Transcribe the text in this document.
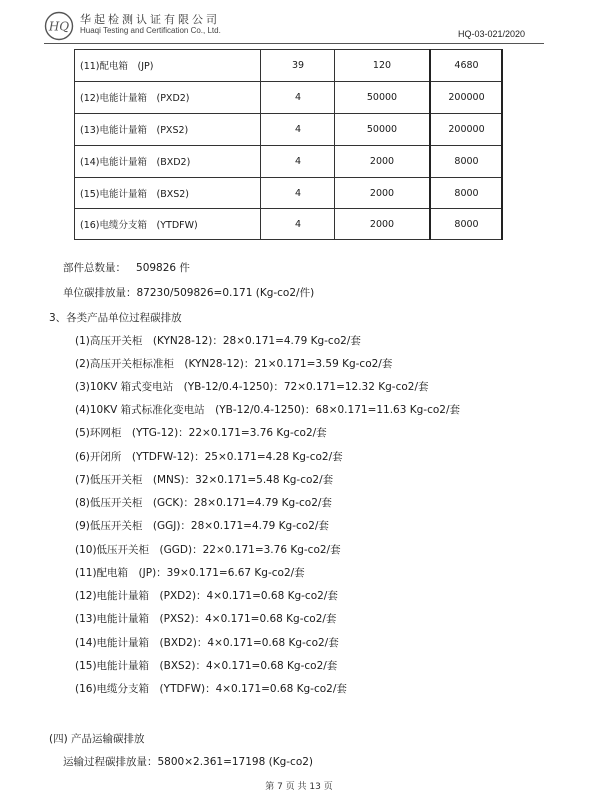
HQ 华起检测认证有限公司
Huaqi Testing and Certification Co., Ltd.	HQ-03-021/2020
(11)配电箱　(JP)	39	120	4680
(12)电能计量箱　(PXD2)	4	50000	200000
(13)电能计量箱　(PXS2)	4	50000	200000
(14)电能计量箱　(BXD2)	4	2000	8000
(15)电能计量箱　(BXS2)	4	2000	8000
(16)电缆分支箱　(YTDFW)	4	2000	8000
部件总数量：   509826 件
单位碳排放量：87230/509826=0.171 (Kg-co2/件)
3、各类产品单位过程碳排放
(1)高压开关柜　(KYN28-12)：28×0.171=4.79 Kg-co2/套
(2)高压开关柜标准柜　(KYN28-12)：21×0.171=3.59 Kg-co2/套
(3)10KV 箱式变电站　(YB-12/0.4-1250)：72×0.171=12.32 Kg-co2/套
(4)10KV 箱式标准化变电站　(YB-12/0.4-1250)：68×0.171=11.63 Kg-co2/套
(5)环网柜　(YTG-12)：22×0.171=3.76 Kg-co2/套
(6)开闭所　(YTDFW-12)：25×0.171=4.28 Kg-co2/套
(7)低压开关柜　(MNS)：32×0.171=5.48 Kg-co2/套
(8)低压开关柜　(GCK)：28×0.171=4.79 Kg-co2/套
(9)低压开关柜　(GGJ)：28×0.171=4.79 Kg-co2/套
(10)低压开关柜　(GGD)：22×0.171=3.76 Kg-co2/套
(11)配电箱　(JP)：39×0.171=6.67 Kg-co2/套
(12)电能计量箱　(PXD2)：4×0.171=0.68 Kg-co2/套
(13)电能计量箱　(PXS2)：4×0.171=0.68 Kg-co2/套
(14)电能计量箱　(BXD2)：4×0.171=0.68 Kg-co2/套
(15)电能计量箱　(BXS2)：4×0.171=0.68 Kg-co2/套
(16)电缆分支箱　(YTDFW)：4×0.171=0.68 Kg-co2/套
(四) 产品运输碳排放
运输过程碳排放量：5800×2.361=17198 (Kg-co2)
第 7 页 共 13 页
